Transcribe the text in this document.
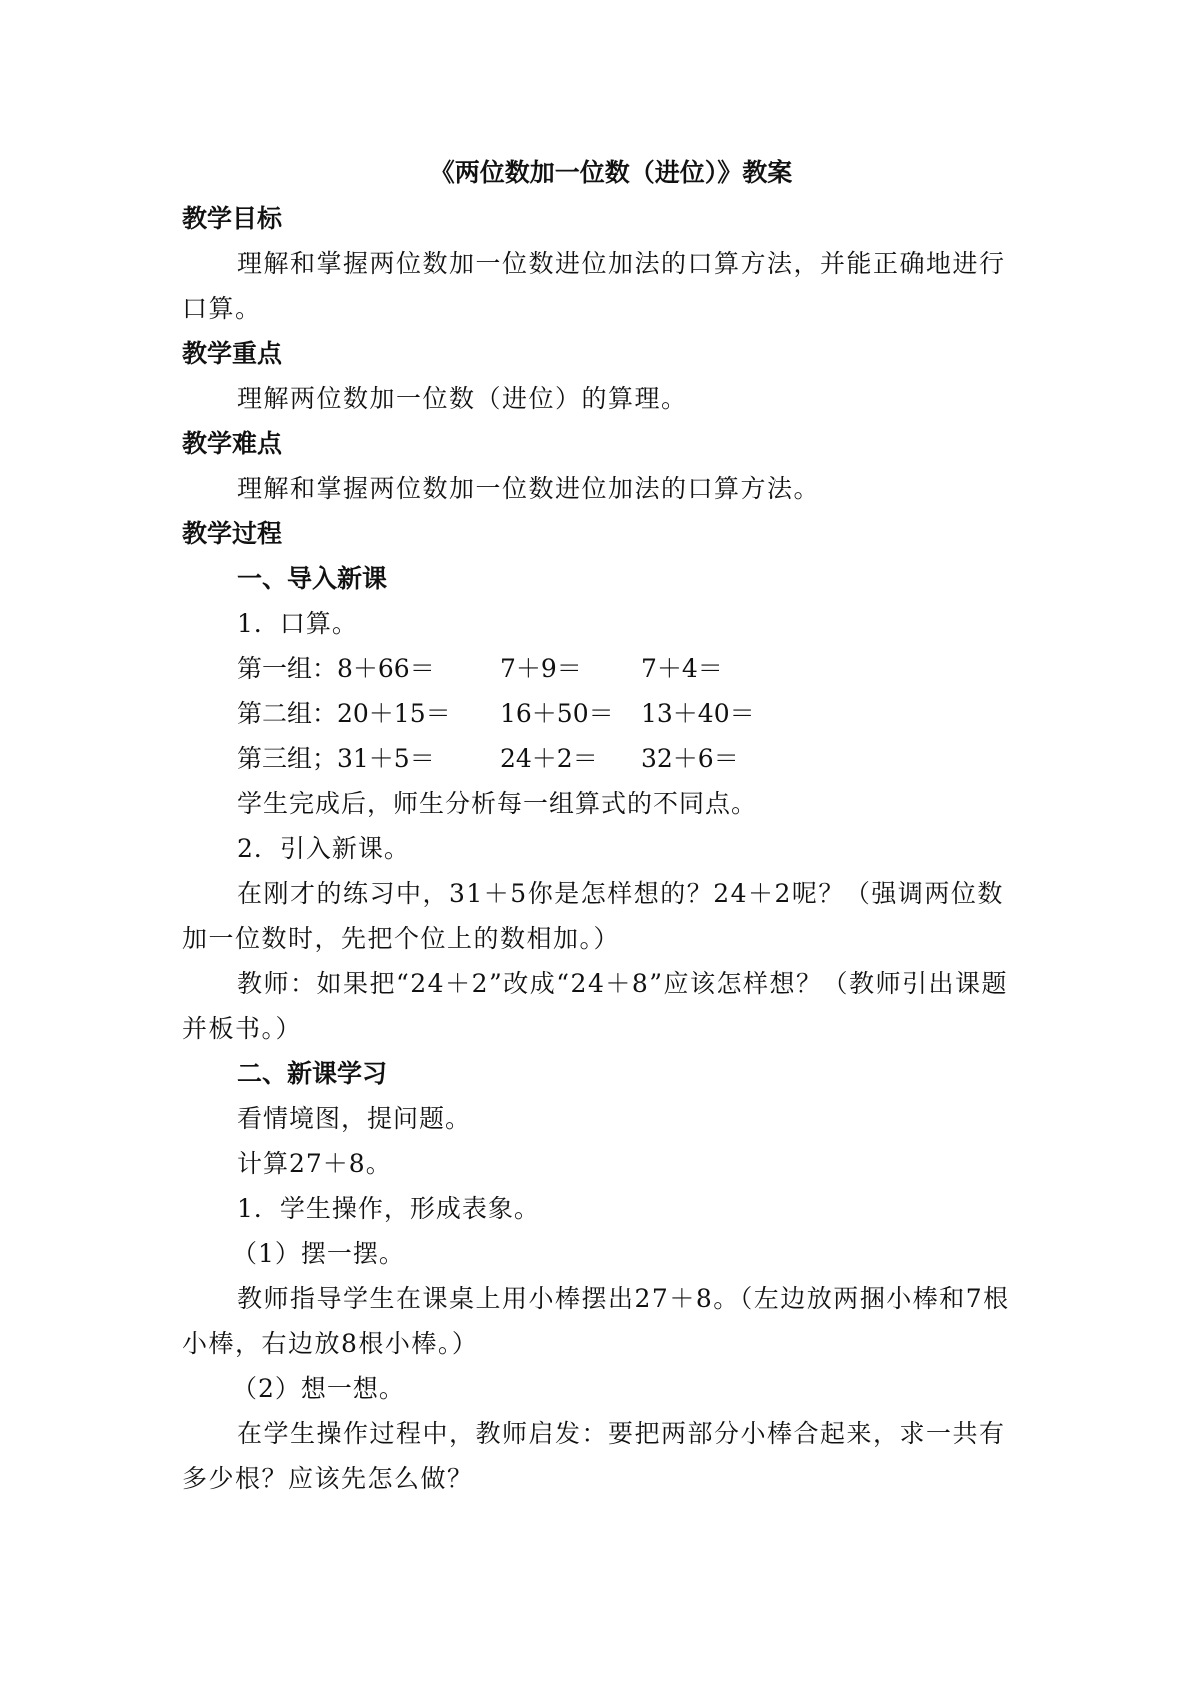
《两位数加一位数（进位）》教案
教学目标

理解和掌握两位数加一位数进位加法的口算方法，并能正确地进行口算。

教学重点

理解两位数加一位数（进位）的算理。

教学难点

理解和掌握两位数加一位数进位加法的口算方法。

教学过程
一、导入新课

1．口算。

第一组：8＋66＝	7＋9＝ 7＋4＝
第二组：20＋15＝ 16＋50＝ 13＋40＝
第三组；31＋5＝	24＋2＝ 32＋6＝

学生完成后，师生分析每一组算式的不同点。

2．引入新课。

在刚才的练习中，31＋5你是怎样想的？24＋2呢？（强调两位数加一位数时，先把个位上的数相加。）

教师：如果把“24＋2”改成“24＋8”应该怎样想？（教师引出课题并板书。）

二、新课学习

看情境图，提问题。

计算27＋8。

1．学生操作，形成表象。

（1）摆一摆。

教师指导学生在课桌上用小棒摆出27＋8。（左边放两捆小棒和7根小棒，右边放8根小棒。）

（2）想一想。

在学生操作过程中，教师启发：要把两部分小棒合起来，求一共有多少根？应该先怎么做？
